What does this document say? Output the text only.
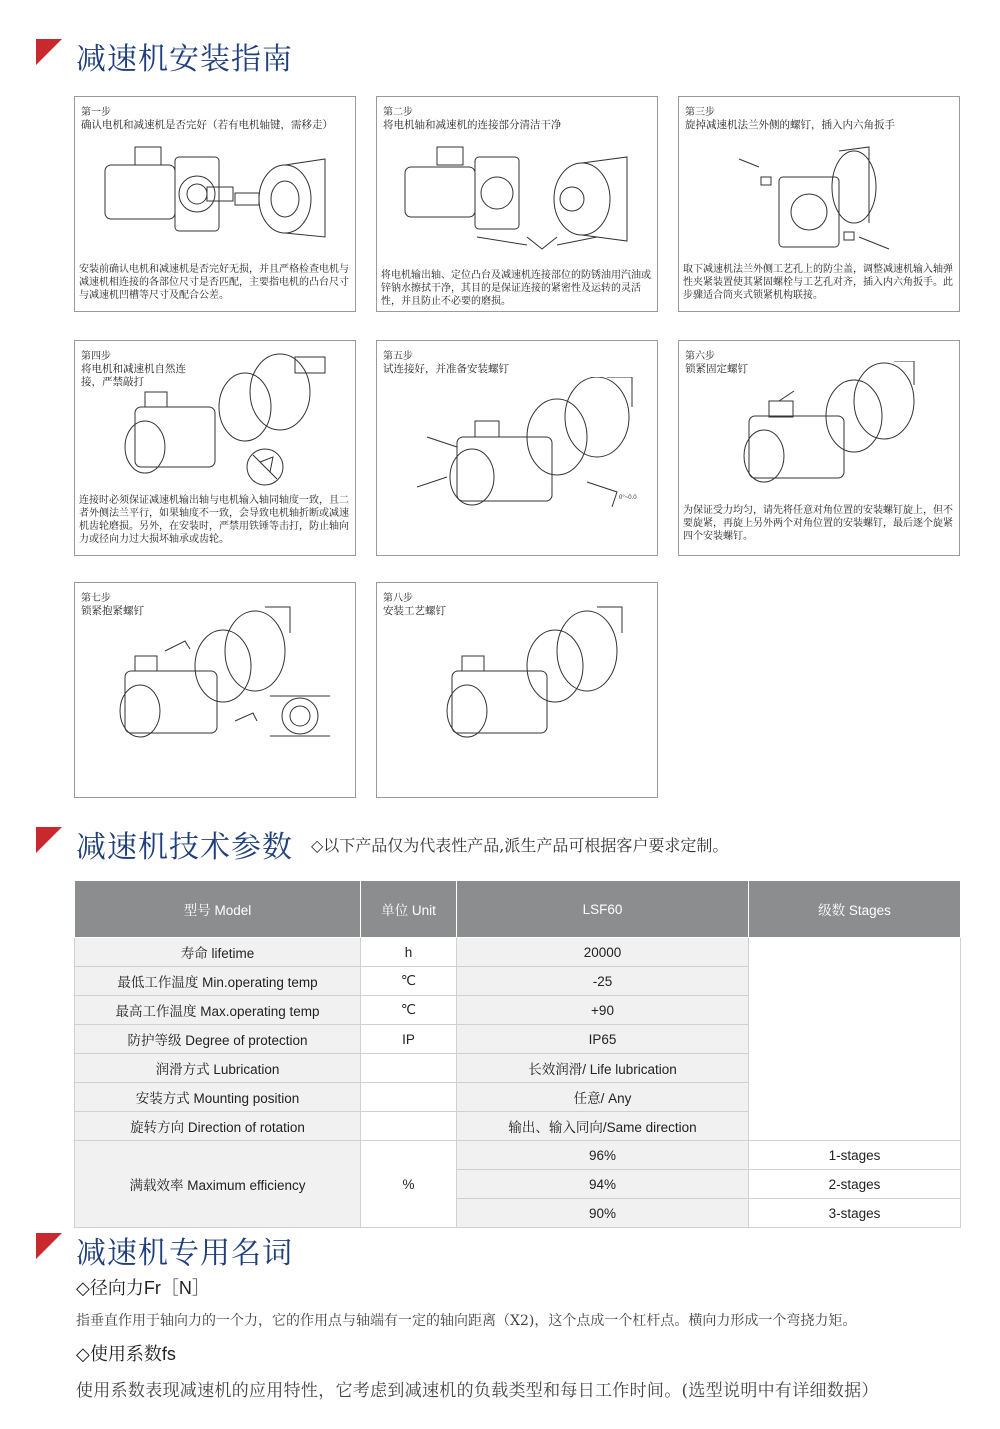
减速机安装指南
第一步
确认电机和减速机是否完好（若有电机轴键，需移走）
安装前确认电机和减速机是否完好无损，并且严格检查电机与减速机相连接的各部位尺寸是否匹配，主要指电机的凸台尺寸与减速机凹槽等尺寸及配合公差。
第二步
将电机轴和减速机的连接部分清洁干净
将电机输出轴、定位凸台及减速机连接部位的防锈油用汽油或锌钠水擦拭干净，其目的是保证连接的紧密性及运转的灵活性，并且防止不必要的磨损。
第三步
旋掉减速机法兰外侧的螺钉，插入内六角扳手
取下减速机法兰外侧工艺孔上的防尘盖，调整减速机输入轴弹性夹紧装置使其紧固螺栓与工艺孔对齐，插入内六角扳手。此步骤适合筒夹式锁紧机构联接。
第四步
将电机和减速机自然连接，严禁敲打
连接时必须保证减速机输出轴与电机输入轴同轴度一致，且二者外侧法兰平行，如果轴度不一致，会导致电机轴折断或减速机齿轮磨损。另外，在安装时，严禁用铁锤等击打，防止轴向力或径向力过大损坏轴承或齿轮。
第五步
试连接好，并准备安装螺钉
0°~0.0
第六步
锁紧固定螺钉
为保证受力均匀，请先将任意对角位置的安装螺钉旋上，但不要旋紧，再旋上另外两个对角位置的安装螺钉，最后逐个旋紧四个安装螺钉。
第七步
锁紧抱紧螺钉
第八步
安装工艺螺钉
减速机技术参数 ◇以下产品仅为代表性产品,派生产品可根据客户要求定制。
型号 Model	单位 Unit	LSF60	级数 Stages
寿命 lifetime	h	20000	
最低工作温度 Min.operating temp	℃	-25	
最高工作温度 Max.operating temp	℃	+90	
防护等级 Degree of protection	IP	IP65	
润滑方式 Lubrication		长效润滑/ Life lubrication	
安装方式 Mounting position		任意/ Any	
旋转方向 Direction of rotation		输出、输入同向/Same direction	
满载效率 Maximum efficiency	%	96%	1-stages
		94%	2-stages
		90%	3-stages
减速机专用名词
◇径向力Fr［N］
指垂直作用于轴向力的一个力，它的作用点与轴端有一定的轴向距离（X2)，这个点成一个杠杆点。横向力形成一个弯挠力矩。
◇使用系数fs
使用系数表现减速机的应用特性，它考虑到减速机的负载类型和每日工作时间。(选型说明中有详细数据）
